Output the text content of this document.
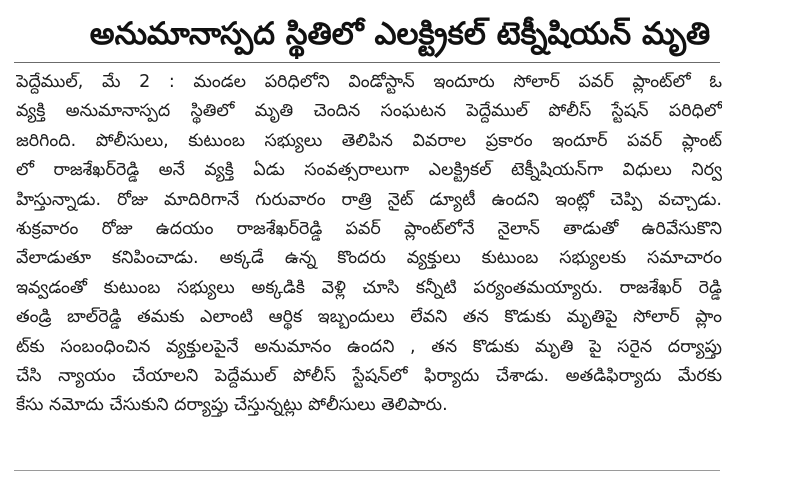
అనుమానాస్పద స్థితిలో ఎలక్ట్రికల్ టెక్నీషియన్ మృతి
పెద్దేముల్, మే 2 : మండల పరిధిలోని విండోస్టాన్ ఇందూరు సోలార్ పవర్ ప్లాంట్‌లో ఓ
వ్యక్తి అనుమానాస్పద స్థితిలో మృతి చెందిన సంఘటన పెద్దేముల్ పోలీస్ స్టేషన్ పరిధిలో
జరిగింది. పోలీసులు, కుటుంబ సభ్యులు తెలిపిన వివరాల ప్రకారం ఇందూర్ పవర్ ప్లాంట్
లో రాజశేఖర్‌రెడ్డి అనే వ్యక్తి ఏడు సంవత్సరాలుగా ఎలక్ట్రికల్ టెక్నీషియన్‌గా విధులు నిర్వ
హిస్తున్నాడు. రోజు మాదిరిగానే గురువారం రాత్రి నైట్ డ్యూటీ ఉందని ఇంట్లో చెప్పి వచ్చాడు.
శుక్రవారం రోజు ఉదయం రాజశేఖర్‌రెడ్డి పవర్ ప్లాంట్‌లోనే నైలాన్ తాడుతో ఉరివేసుకొని
వేలాడుతూ కనిపించాడు. అక్కడే ఉన్న కొందరు వ్యక్తులు కుటుంబ సభ్యులకు సమాచారం
ఇవ్వడంతో కుటుంబ సభ్యులు అక్కడికి వెళ్లి చూసి కన్నీటి పర్యంతమయ్యారు. రాజశేఖర్ రెడ్డి
తండ్రి బాల్‌రెడ్డి తమకు ఎలాంటి ఆర్థిక ఇబ్బందులు లేవని తన కొడుకు మృతిపై సోలార్ ప్లాం
ట్‌కు సంబంధించిన వ్యక్తులపైనే అనుమానం ఉందని , తన కొడుకు మృతి పై సరైన దర్యాప్తు
చేసి న్యాయం చేయాలని పెద్దేముల్ పోలీస్ స్టేషన్‌లో ఫిర్యాదు చేశాడు. అతడిఫిర్యాదు మేరకు
కేసు నమోదు చేసుకుని దర్యాప్తు చేస్తున్నట్లు పోలీసులు తెలిపారు.
